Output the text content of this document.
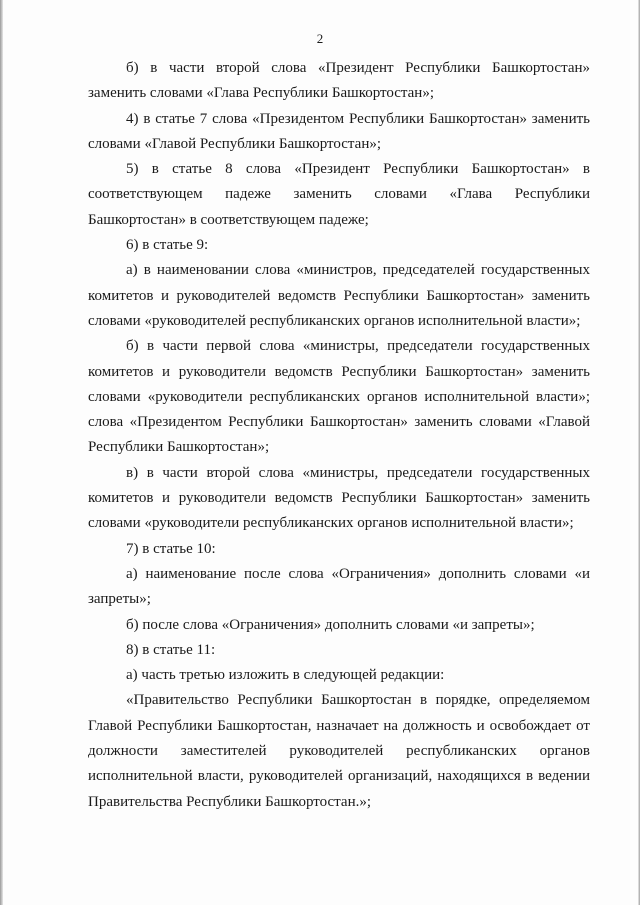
2

б) в части второй слова «Президент Республики Башкортостан» заменить словами «Глава Республики Башкортостан»;

4) в статье 7 слова «Президентом Республики Башкортостан» заменить словами «Главой Республики Башкортостан»;

5) в статье 8 слова «Президент Республики Башкортостан» в соответствующем падеже заменить словами «Глава Республики Башкортостан» в соответствующем падеже;

6) в статье 9:

а) в наименовании слова «министров, председателей государственных комитетов и руководителей ведомств Республики Башкортостан» заменить словами «руководителей республиканских органов исполнительной власти»;

б) в части первой слова «министры, председатели государственных комитетов и руководители ведомств Республики Башкортостан» заменить словами «руководители республиканских органов исполнительной власти»; слова «Президентом Республики Башкортостан» заменить словами «Главой Республики Башкортостан»;

в) в части второй слова «министры, председатели государственных комитетов и руководители ведомств Республики Башкортостан» заменить словами «руководители республиканских органов исполнительной власти»;

7) в статье 10:

а) наименование после слова «Ограничения» дополнить словами «и запреты»;

б) после слова «Ограничения» дополнить словами «и запреты»;

8) в статье 11:

а) часть третью изложить в следующей редакции:

«Правительство Республики Башкортостан в порядке, определяемом Главой Республики Башкортостан, назначает на должность и освобождает от должности заместителей руководителей республиканских органов исполнительной власти, руководителей организаций, находящихся в ведении Правительства Республики Башкортостан.»;
